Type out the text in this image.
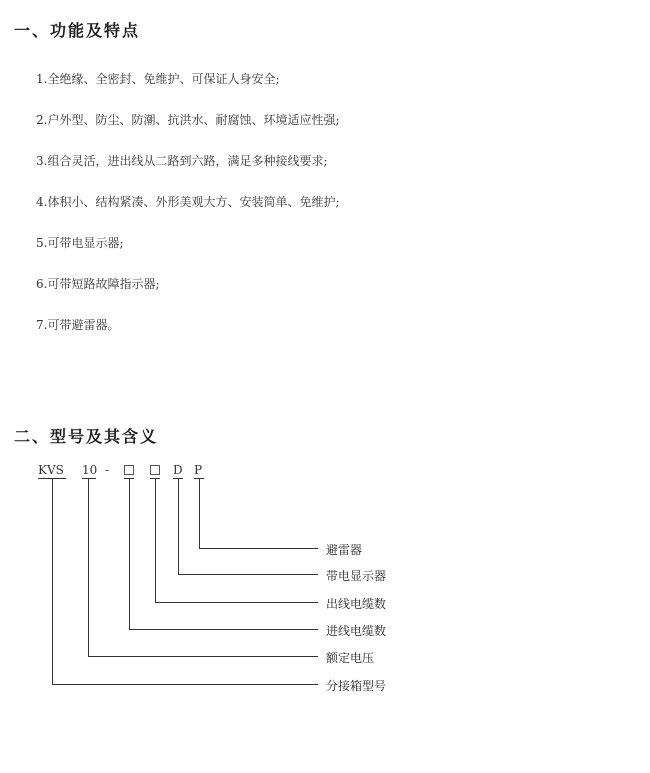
一、功能及特点

1.全绝缘、全密封、免维护、可保证人身安全;

2.户外型、防尘、防潮、抗洪水、耐腐蚀、环境适应性强;

3.组合灵活，进出线从二路到六路，满足多种接线要求;

4.体积小、结构紧凑、外形美观大方、安装简单、免维护;

5.可带电显示器;

6.可带短路故障指示器;

7.可带避雷器。

二、型号及其含义
KVS 10 -	D P
避雷器
带电显示器
出线电缆数
进线电缆数
额定电压
分接箱型号
